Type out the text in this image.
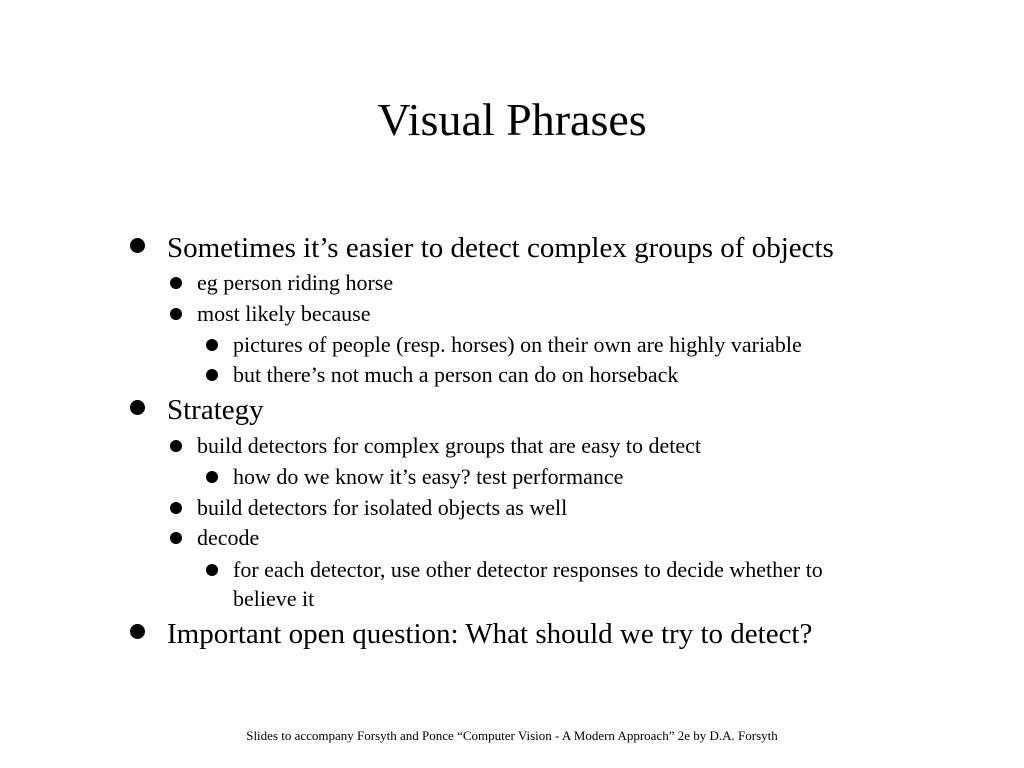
Visual Phrases
Sometimes it’s easier to detect complex groups of objects
eg person riding horse
most likely because
pictures of people (resp. horses) on their own are highly variable
but there’s not much a person can do on horseback
Strategy
build detectors for complex groups that are easy to detect
how do we know it’s easy? test performance
build detectors for isolated objects as well
decode
for each detector, use other detector responses to decide whether to
believe it
Important open question: What should we try to detect?
Slides to accompany Forsyth and Ponce “Computer Vision - A Modern Approach” 2e by D.A. Forsyth
